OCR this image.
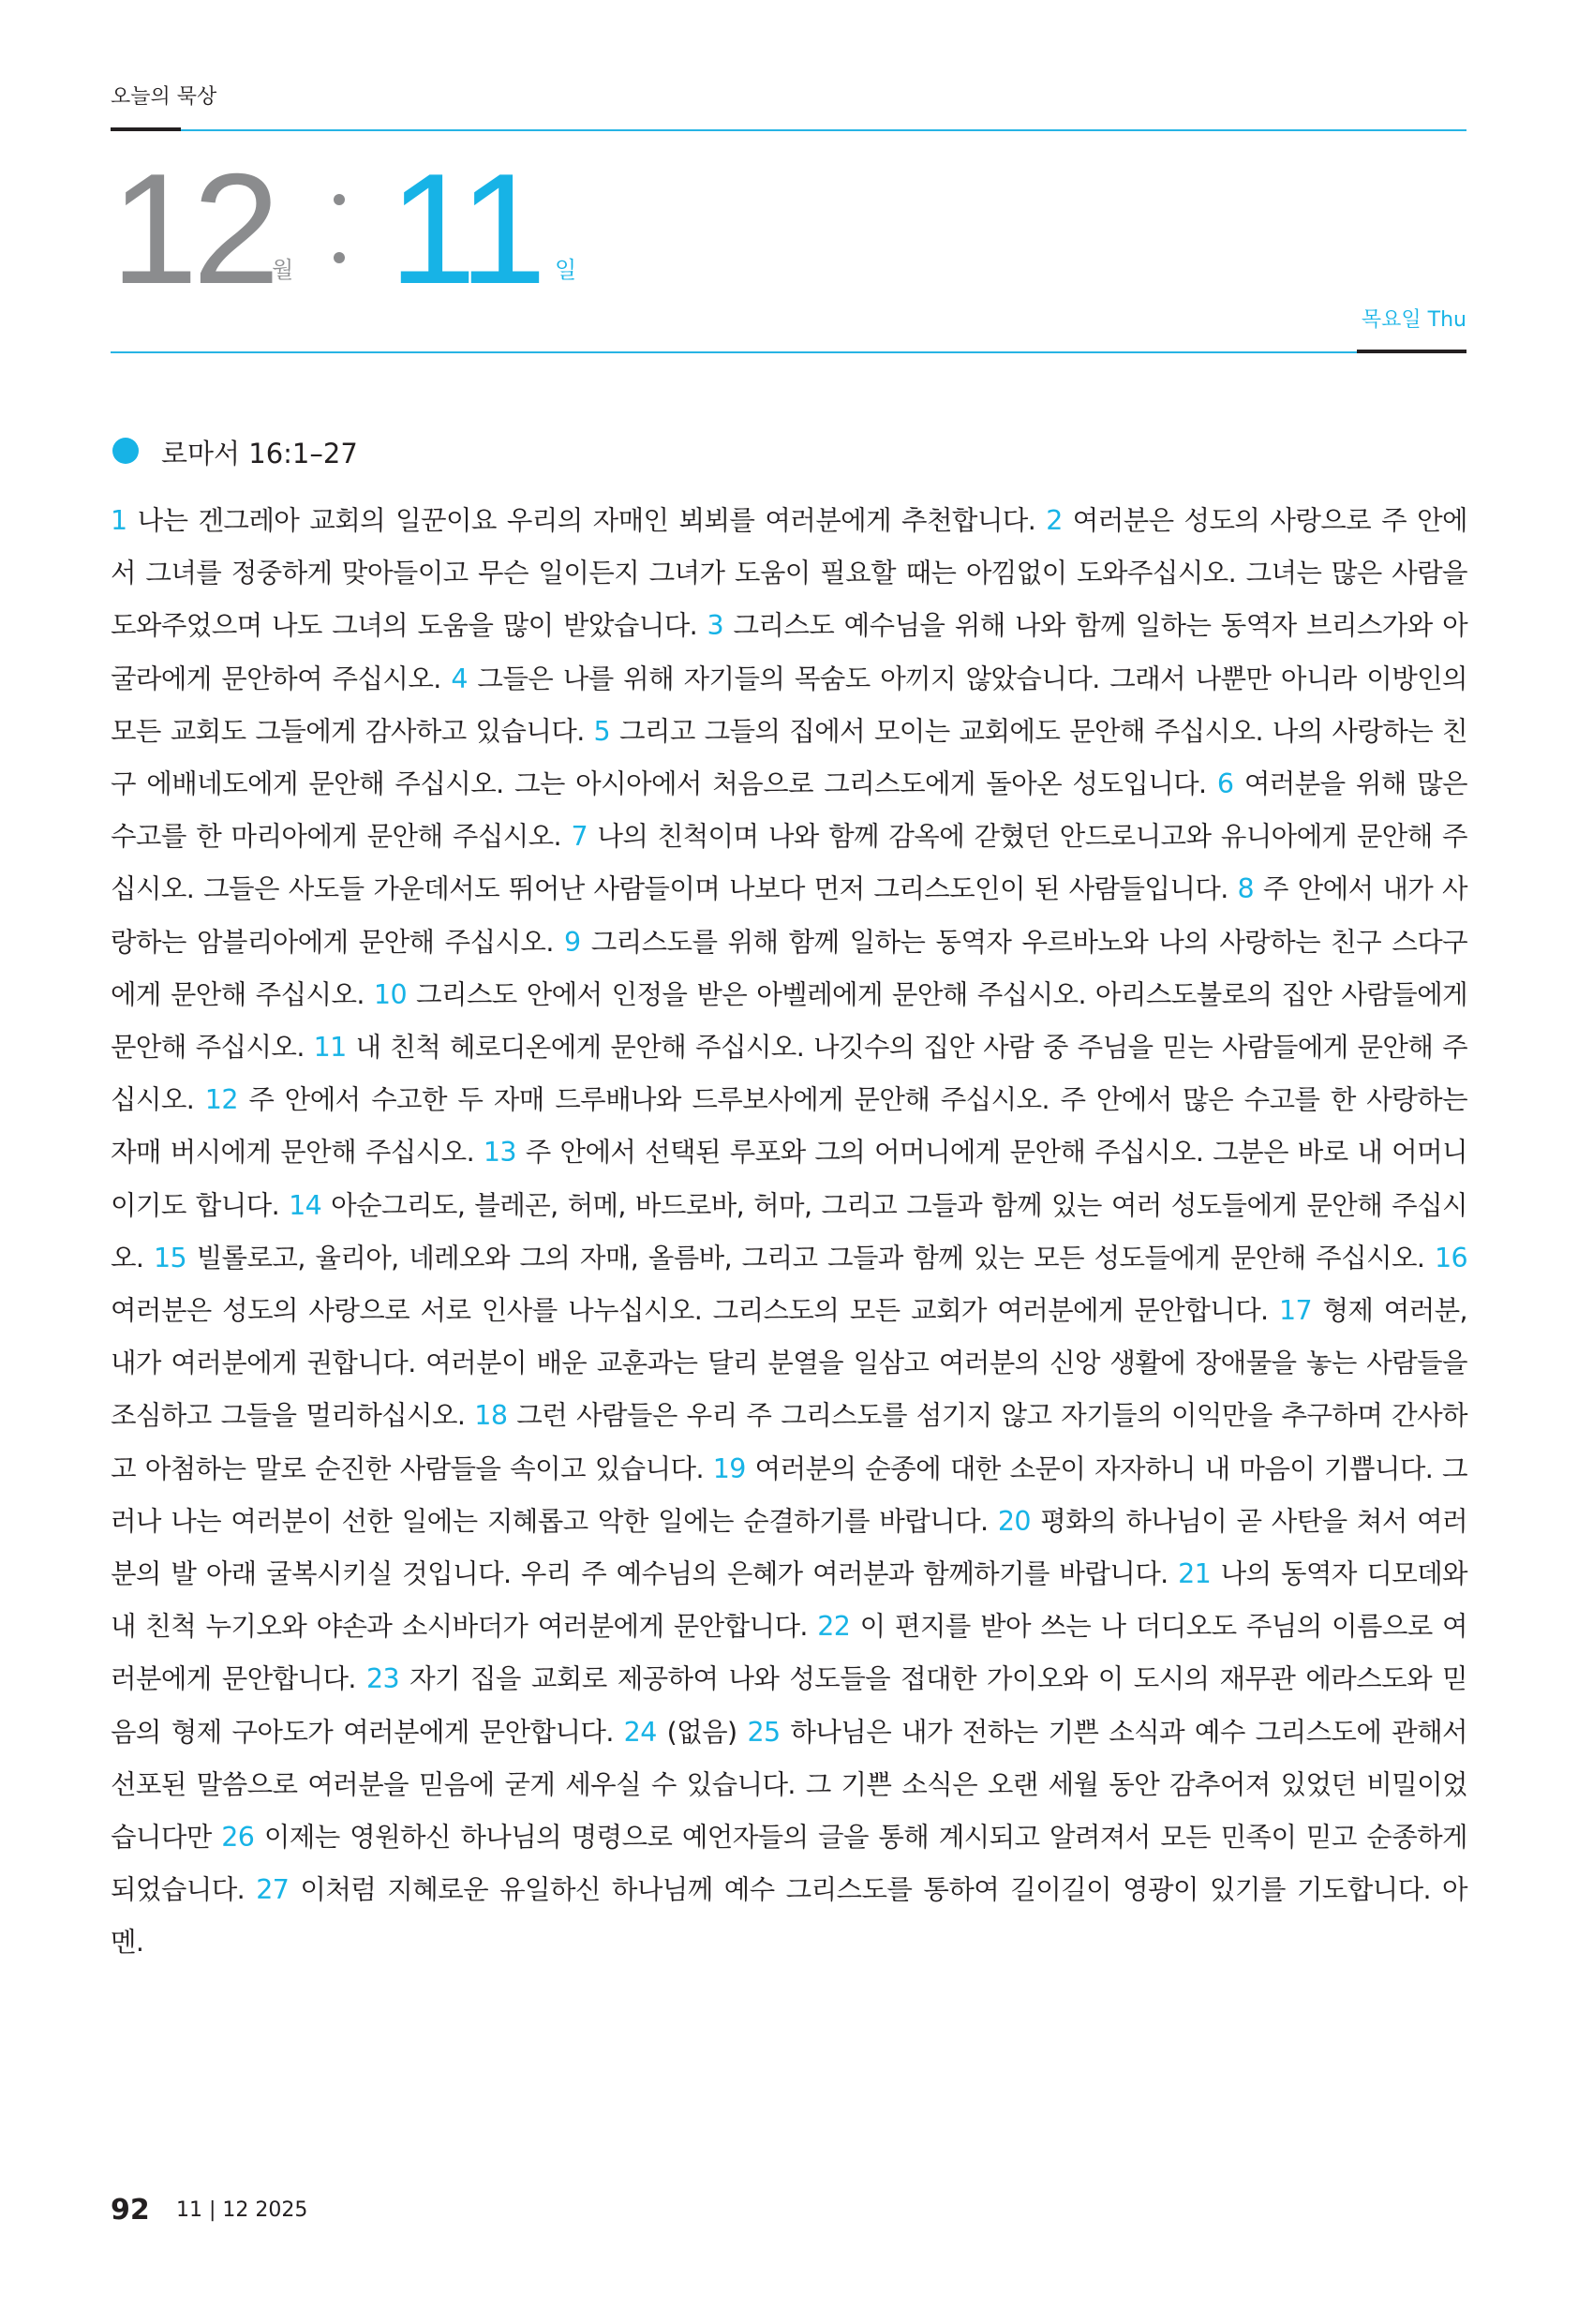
오늘의 묵상
12
월 11 일
목요일 Thu
로마서 16:1–27
1 나는 겐그레아 교회의 일꾼이요 우리의 자매인 뵈뵈를 여러분에게 추천합니다. 2 여러분은 성도의 사랑으로 주 안에서 그녀를 정중하게 맞아들이고 무슨 일이든지 그녀가 도움이 필요할 때는 아낌없이 도와주십시오. 그녀는 많은 사람을 도와주었으며 나도 그녀의 도움을 많이 받았습니다. 3 그리스도 예수님을 위해 나와 함께 일하는 동역자 브리스가와 아굴라에게 문안하여 주십시오. 4 그들은 나를 위해 자기들의 목숨도 아끼지 않았습니다. 그래서 나뿐만 아니라 이방인의 모든 교회도 그들에게 감사하고 있습니다. 5 그리고 그들의 집에서 모이는 교회에도 문안해 주십시오. 나의 사랑하는 친구 에배네도에게 문안해 주십시오. 그는 아시아에서 처음으로 그리스도에게 돌아온 성도입니다. 6 여러분을 위해 많은 수고를 한 마리아에게 문안해 주십시오. 7 나의 친척이며 나와 함께 감옥에 갇혔던 안드로니고와 유니아에게 문안해 주십시오. 그들은 사도들 가운데서도 뛰어난 사람들이며 나보다 먼저 그리스도인이 된 사람들입니다. 8 주 안에서 내가 사랑하는 암블리아에게 문안해 주십시오. 9 그리스도를 위해 함께 일하는 동역자 우르바노와 나의 사랑하는 친구 스다구에게 문안해 주십시오. 10 그리스도 안에서 인정을 받은 아벨레에게 문안해 주십시오. 아리스도불로의 집안 사람들에게 문안해 주십시오. 11 내 친척 헤로디온에게 문안해 주십시오. 나깃수의 집안 사람 중 주님을 믿는 사람들에게 문안해 주십시오. 12 주 안에서 수고한 두 자매 드루배나와 드루보사에게 문안해 주십시오. 주 안에서 많은 수고를 한 사랑하는 자매 버시에게 문안해 주십시오. 13 주 안에서 선택된 루포와 그의 어머니에게 문안해 주십시오. 그분은 바로 내 어머니이기도 합니다. 14 아순그리도, 블레곤, 허메, 바드로바, 허마, 그리고 그들과 함께 있는 여러 성도들에게 문안해 주십시오. 15 빌롤로고, 율리아, 네레오와 그의 자매, 올름바, 그리고 그들과 함께 있는 모든 성도들에게 문안해 주십시오. 16 여러분은 성도의 사랑으로 서로 인사를 나누십시오. 그리스도의 모든 교회가 여러분에게 문안합니다. 17 형제 여러분, 내가 여러분에게 권합니다. 여러분이 배운 교훈과는 달리 분열을 일삼고 여러분의 신앙 생활에 장애물을 놓는 사람들을 조심하고 그들을 멀리하십시오. 18 그런 사람들은 우리 주 그리스도를 섬기지 않고 자기들의 이익만을 추구하며 간사하고 아첨하는 말로 순진한 사람들을 속이고 있습니다. 19 여러분의 순종에 대한 소문이 자자하니 내 마음이 기쁩니다. 그러나 나는 여러분이 선한 일에는 지혜롭고 악한 일에는 순결하기를 바랍니다. 20 평화의 하나님이 곧 사탄을 쳐서 여러분의 발 아래 굴복시키실 것입니다. 우리 주 예수님의 은혜가 여러분과 함께하기를 바랍니다. 21 나의 동역자 디모데와 내 친척 누기오와 야손과 소시바더가 여러분에게 문안합니다. 22 이 편지를 받아 쓰는 나 더디오도 주님의 이름으로 여러분에게 문안합니다. 23 자기 집을 교회로 제공하여 나와 성도들을 접대한 가이오와 이 도시의 재무관 에라스도와 믿음의 형제 구아도가 여러분에게 문안합니다. 24 (없음) 25 하나님은 내가 전하는 기쁜 소식과 예수 그리스도에 관해서 선포된 말씀으로 여러분을 믿음에 굳게 세우실 수 있습니다. 그 기쁜 소식은 오랜 세월 동안 감추어져 있었던 비밀이었습니다만 26 이제는 영원하신 하나님의 명령으로 예언자들의 글을 통해 계시되고 알려져서 모든 민족이 믿고 순종하게 되었습니다. 27 이처럼 지혜로운 유일하신 하나님께 예수 그리스도를 통하여 길이길이 영광이 있기를 기도합니다. 아멘.
92 11 | 12 2025
